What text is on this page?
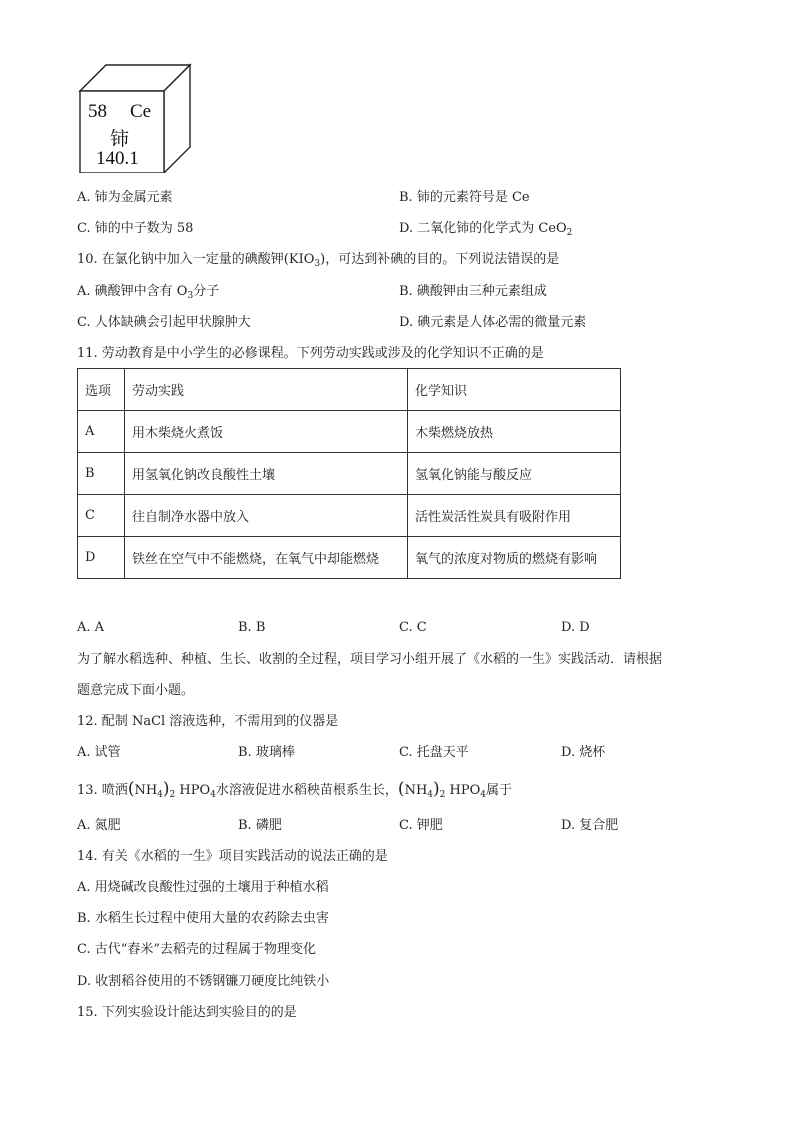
58 Ce
铈
140.1
A. 铈为金属元素	B. 铈的元素符号是 Ce
C. 铈的中子数为 58	D. 二氧化铈的化学式为 CeO$_2$
10. 在氯化钠中加入一定量的碘酸钾$(KIO_3)$，可达到补碘的目的。下列说法错误的是
A. 碘酸钾中含有 $O_3$分子	B. 碘酸钾由三种元素组成
C. 人体缺碘会引起甲状腺肿大	D. 碘元素是人体必需的微量元素
11. 劳动教育是中小学生的必修课程。下列劳动实践或涉及的化学知识不正确的是
选项	劳动实践	化学知识
A	用木柴烧火煮饭	木柴燃烧放热
B	用氢氧化钠改良酸性土壤	氢氧化钠能与酸反应
C	往自制净水器中放入	活性炭活性炭具有吸附作用
D	铁丝在空气中不能燃烧，在氧气中却能燃烧	氧气的浓度对物质的燃烧有影响
A. A	B. B	C. C	D. D
为了解水稻选种、种植、生长、收割的全过程，项目学习小组开展了《水稻的一生》实践活动．请根据
题意完成下面小题。
12. 配制 NaCl 溶液选种，不需用到的仪器是
A. 试管	B. 玻璃棒	C. 托盘天平	D. 烧杯
13. 喷洒$(NH_4)_2$ $HPO_4$水溶液促进水稻秧苗根系生长，$(NH_4)_2$ $HPO_4$属于
A. 氮肥	B. 磷肥	C. 钾肥	D. 复合肥
14. 有关《水稻的一生》项目实践活动的说法正确的是
A. 用烧碱改良酸性过强的土壤用于种植水稻
B. 水稻生长过程中使用大量的农药除去虫害
C. 古代“舂米”去稻壳的过程属于物理变化
D. 收割稻谷使用的不锈钢镰刀硬度比纯铁小
15. 下列实验设计能达到实验目的的是
